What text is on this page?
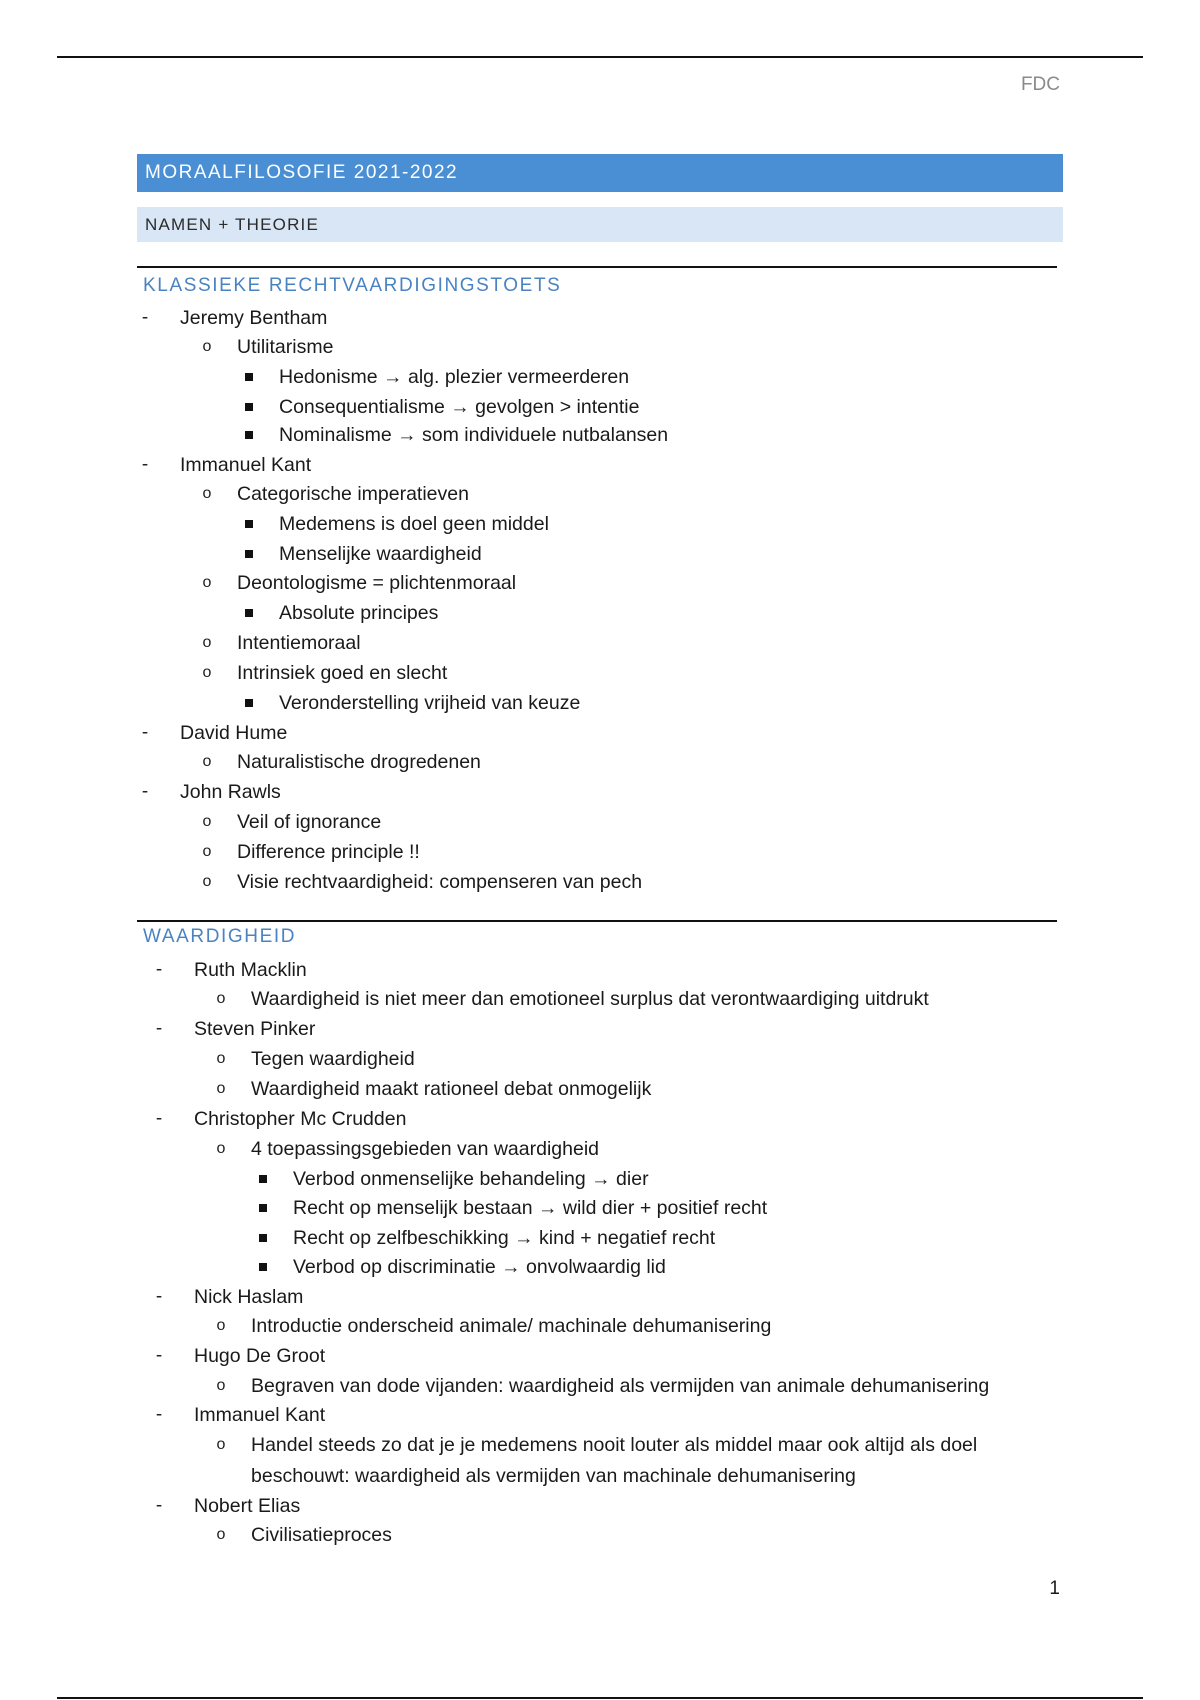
FDC
MORAALFILOSOFIE 2021-2022
NAMEN + THEORIE
KLASSIEKE RECHTVAARDIGINGSTOETS
- Jeremy Bentham
o Utilitarisme
Hedonisme → alg. plezier vermeerderen
Consequentialisme → gevolgen > intentie
Nominalisme → som individuele nutbalansen
- Immanuel Kant
o Categorische imperatieven
Medemens is doel geen middel
Menselijke waardigheid
o Deontologisme = plichtenmoraal
Absolute principes
o Intentiemoraal
o Intrinsiek goed en slecht
Veronderstelling vrijheid van keuze
- David Hume
o Naturalistische drogredenen
- John Rawls
o Veil of ignorance
o Difference principle !!
o Visie rechtvaardigheid: compenseren van pech
WAARDIGHEID
- Ruth Macklin
o Waardigheid is niet meer dan emotioneel surplus dat verontwaardiging uitdrukt
- Steven Pinker
o Tegen waardigheid
o Waardigheid maakt rationeel debat onmogelijk
- Christopher Mc Crudden
o 4 toepassingsgebieden van waardigheid
Verbod onmenselijke behandeling → dier
Recht op menselijk bestaan → wild dier + positief recht
Recht op zelfbeschikking → kind + negatief recht
Verbod op discriminatie → onvolwaardig lid
- Nick Haslam
o Introductie onderscheid animale/ machinale dehumanisering
- Hugo De Groot
o Begraven van dode vijanden: waardigheid als vermijden van animale dehumanisering
- Immanuel Kant
o Handel steeds zo dat je je medemens nooit louter als middel maar ook altijd als doel
beschouwt: waardigheid als vermijden van machinale dehumanisering
- Nobert Elias
o Civilisatieproces
1
